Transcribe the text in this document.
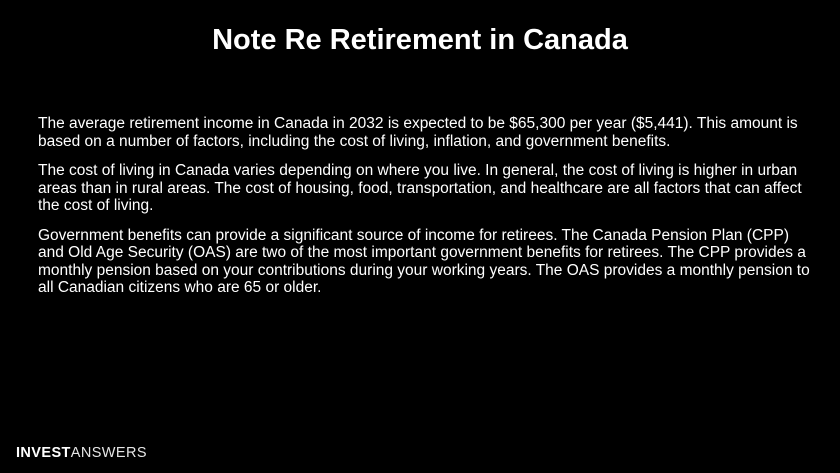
Note Re Retirement in Canada

The average retirement income in Canada in 2032 is expected to be $65,300 per year ($5,441). This amount is based on a number of factors, including the cost of living, inflation, and government benefits.

The cost of living in Canada varies depending on where you live. In general, the cost of living is higher in urban areas than in rural areas. The cost of housing, food, transportation, and healthcare are all factors that can affect the cost of living.

Government benefits can provide a significant source of income for retirees. The Canada Pension Plan (CPP) and Old Age Security (OAS) are two of the most important government benefits for retirees. The CPP provides a monthly pension based on your contributions during your working years. The OAS provides a monthly pension to all Canadian citizens who are 65 or older.

INVESTANSWERS
